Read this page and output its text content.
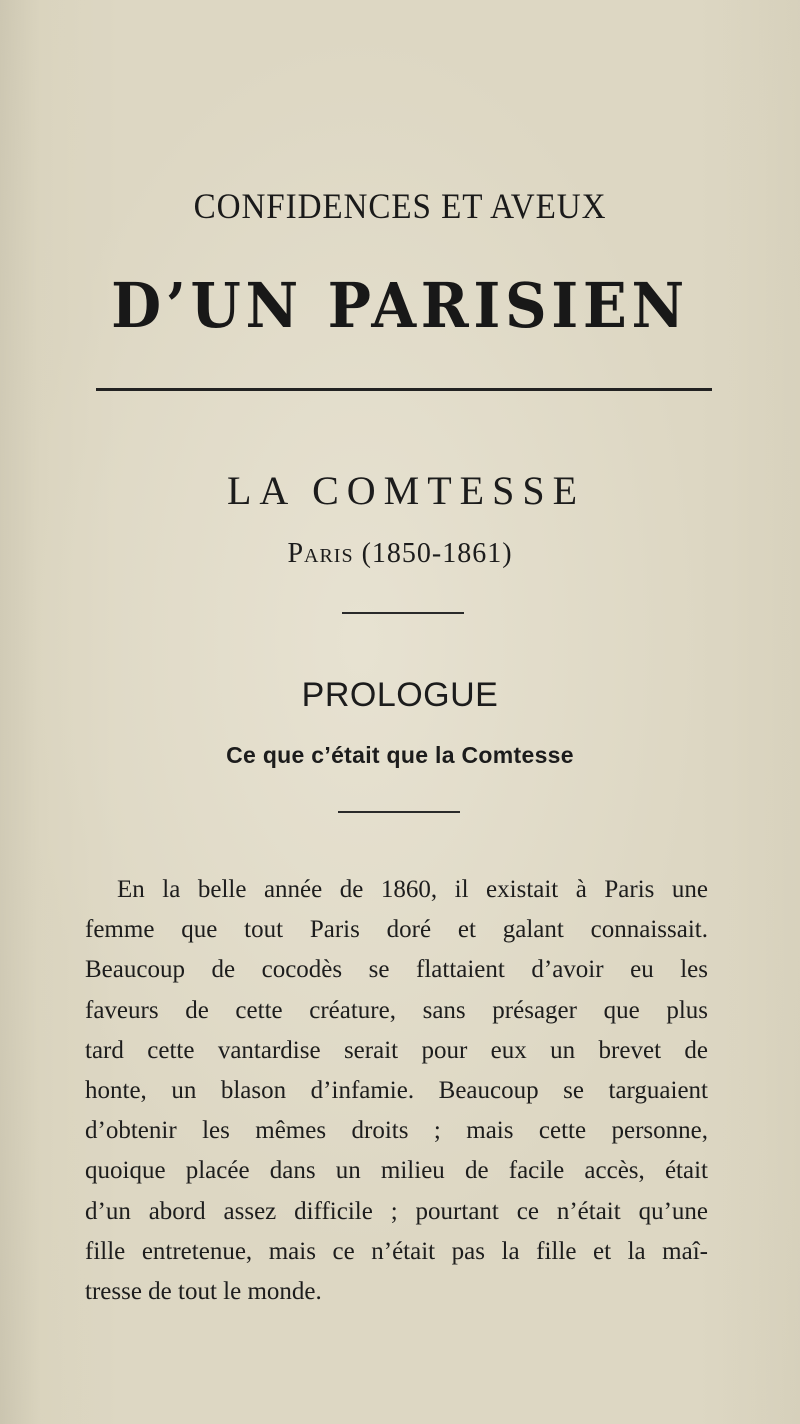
CONFIDENCES ET AVEUX
D’UN PARISIEN
LA COMTESSE
Paris (1850-1861)
PROLOGUE
Ce que c’était que la Comtesse
En la belle année de 1860, il existait à Paris une
femme que tout Paris doré et galant connaissait.
Beaucoup de cocodès se flattaient d’avoir eu les
faveurs de cette créature, sans présager que plus
tard cette vantardise serait pour eux un brevet de
honte, un blason d’infamie. Beaucoup se targuaient
d’obtenir les mêmes droits ; mais cette personne,
quoique placée dans un milieu de facile accès, était
d’un abord assez difficile ; pourtant ce n’était qu’une
fille entretenue, mais ce n’était pas la fille et la maî-
tresse de tout le monde.
